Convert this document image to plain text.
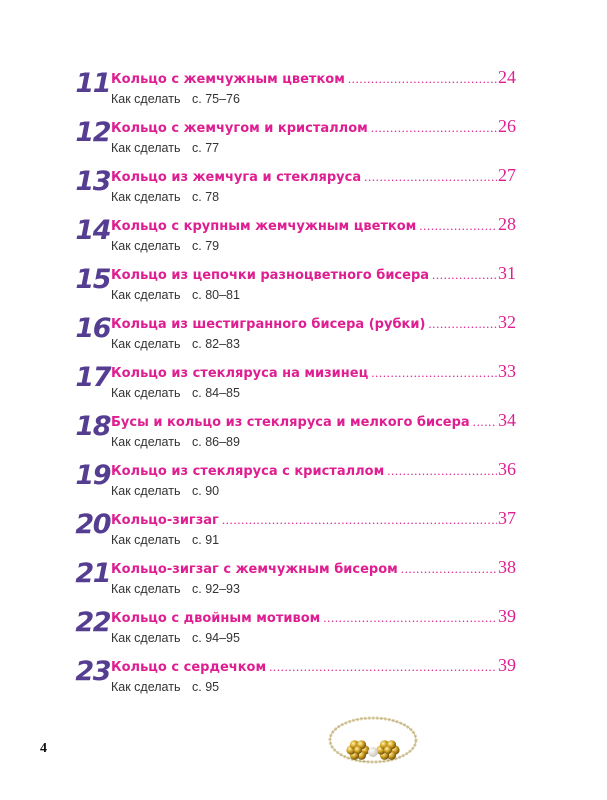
11 Кольцо с жемчужным цветком .....	24
Как сделать с. 75–76
12 Кольцо с жемчугом и кристаллом .....	26
Как сделать с. 77
13 Кольцо из жемчуга и стекляруса .....	27
Как сделать с. 78
14 Кольцо с крупным жемчужным цветком .....	28
Как сделать с. 79
15 Кольцо из цепочки разноцветного бисера .....	31
Как сделать с. 80–81
16 Кольца из шестигранного бисера (рубки) .....	32
Как сделать с. 82–83
17 Кольцо из стекляруса на мизинец .....	33
Как сделать с. 84–85
18 Бусы и кольцо из стекляруса и мелкого бисера ..... 34
Как сделать с. 86–89
19 Кольцо из стекляруса с кристаллом .....	36
Как сделать с. 90
20 Кольцо-зигзаг .....	37
Как сделать с. 91
21 Кольцо-зигзаг с жемчужным бисером .....	38
Как сделать с. 92–93
22 Кольцо с двойным мотивом .....	39
Как сделать с. 94–95
23 Кольцо с сердечком .....	39
Как сделать с. 95
4
